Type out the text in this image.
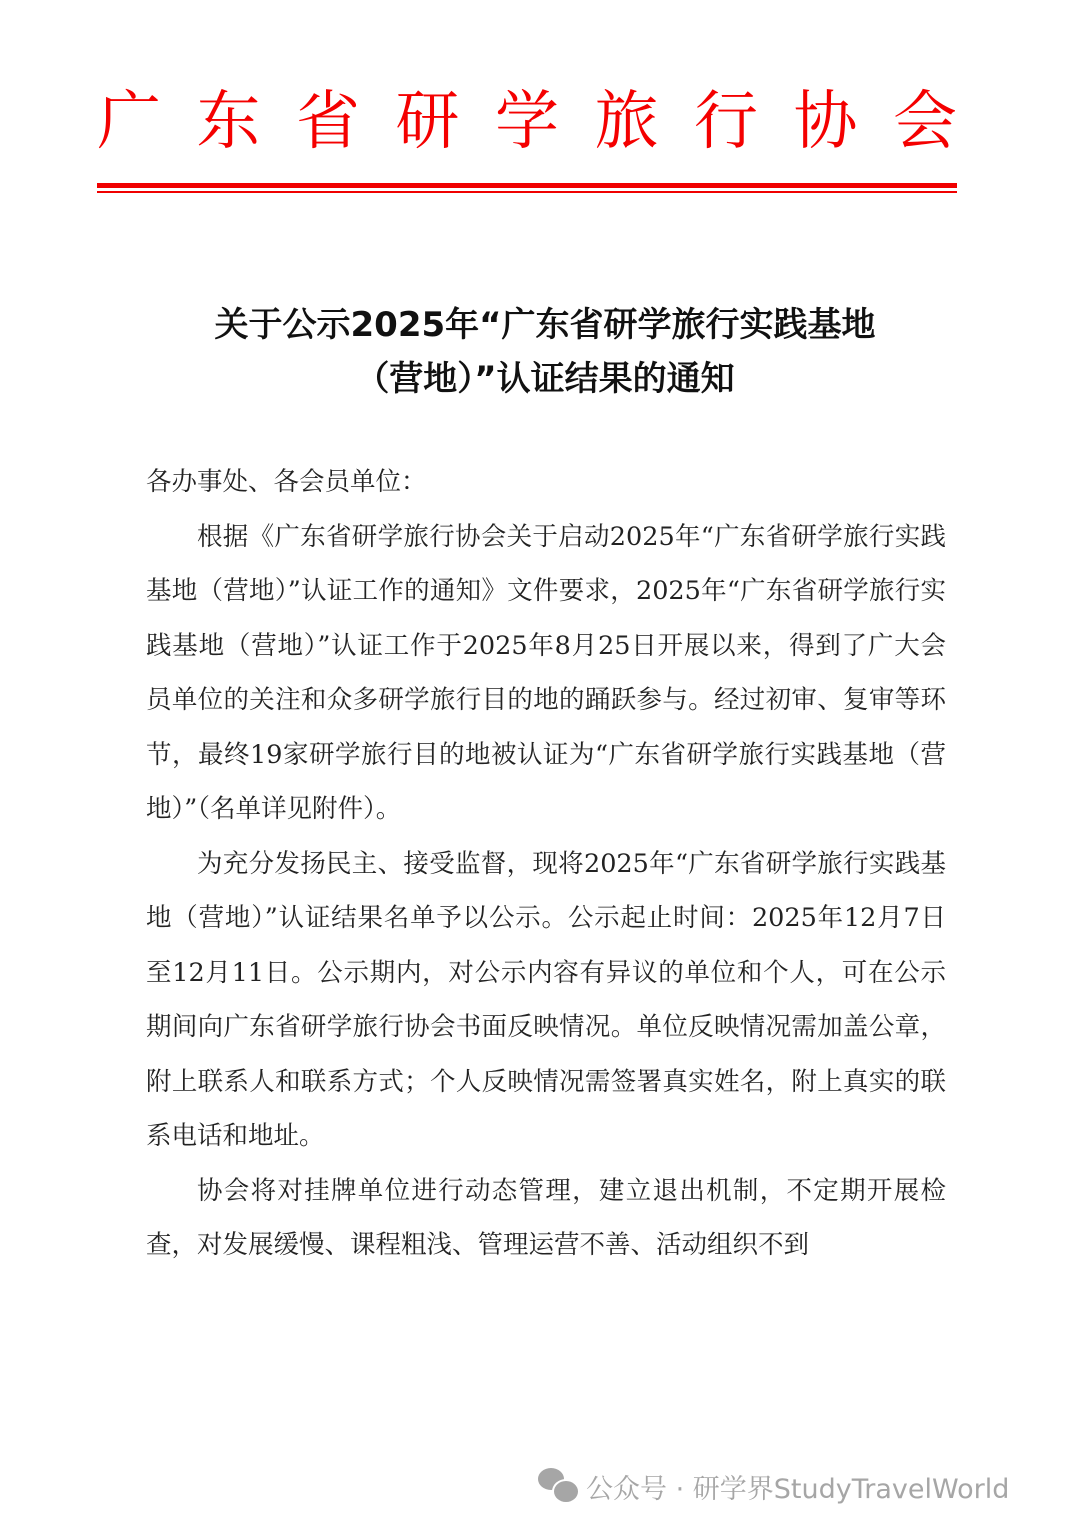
广 东 省 研 学 旅 行 协 会
关于公示2025年“广东省研学旅行实践基地
（营地）”认证结果的通知

各办事处、各会员单位：

根据《广东省研学旅行协会关于启动2025年“广东省研学旅行实践基地（营地）”认证工作的通知》文件要求，2025年“广东省研学旅行实践基地（营地）”认证工作于2025年8月25日开展以来，得到了广大会员单位的关注和众多研学旅行目的地的踊跃参与。经过初审、复审等环节，最终19家研学旅行目的地被认证为“广东省研学旅行实践基地（营地）”（名单详见附件）。

为充分发扬民主、接受监督，现将2025年“广东省研学旅行实践基地（营地）”认证结果名单予以公示。公示起止时间：2025年12月7日至12月11日。公示期内，对公示内容有异议的单位和个人，可在公示期间向广东省研学旅行协会书面反映情况。单位反映情况需加盖公章，附上联系人和联系方式；个人反映情况需签署真实姓名，附上真实的联系电话和地址。

协会将对挂牌单位进行动态管理，建立退出机制，不定期开展检查，对发展缓慢、课程粗浅、管理运营不善、活动组织不到

公众号 · 研学界StudyTravelWorld
